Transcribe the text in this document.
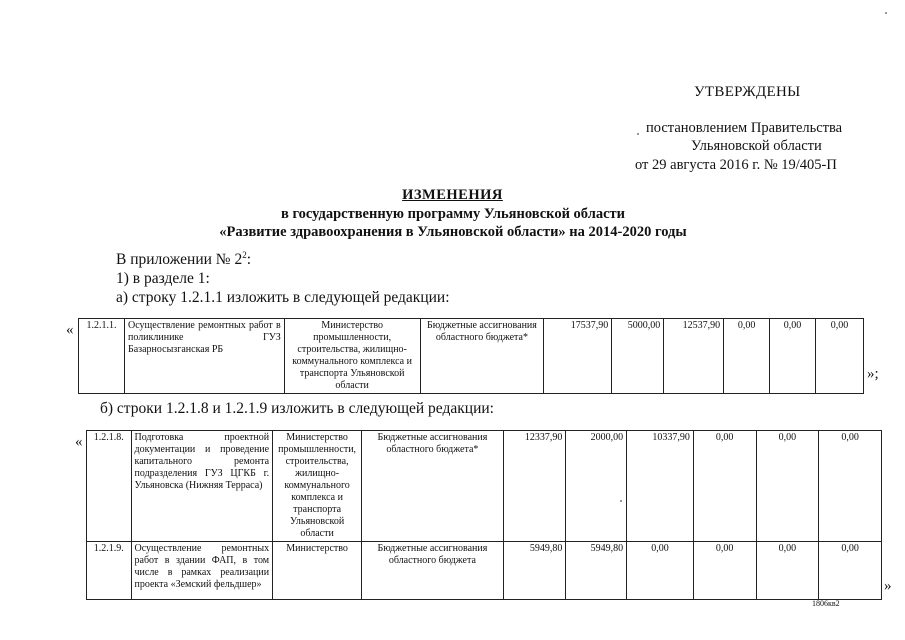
УТВЕРЖДЕНЫ
постановлением Правительства
Ульяновской области
от 29 августа 2016 г. № 19/405-П
ИЗМЕНЕНИЯ
в государственную программу Ульяновской области
«Развитие здравоохранения в Ульяновской области» на 2014-2020 годы
В приложении № $2^2$:
1) в разделе 1:
а) строку 1.2.1.1 изложить в следующей редакции:
« 1.2.1.1.	Осуществление ремонтных работ в поликлинике ГУЗ Базарносызганская РБ	Министерство промышленности, строительства, жилищно-коммунального комплекса и транспорта Ульяновской области	Бюджетные ассигнования областного бюджета*	17537,90	5000,00	12537,90	0,00	0,00	0,00
»;
б) строки 1.2.1.8 и 1.2.1.9 изложить в следующей редакции:
« 1.2.1.8.	Подготовка проектной документации и проведение капитального ремонта подразделения ГУЗ ЦГКБ г. Ульяновска (Нижняя Терраса)	Министерство промышленности, строительства, жилищно-коммунального комплекса и транспорта Ульяновской области	Бюджетные ассигнования областного бюджета*	12337,90	2000,00	10337,90	0,00	0,00	0,00
1.2.1.9.	Осуществление ремонтных работ в здании ФАП, в том числе в рамках реализации проекта «Земский фельдшер»	Министерство	Бюджетные ассигнования областного бюджета	5949,80	5949,80	0,00	0,00	0,00	0,00
»
1806кв2
